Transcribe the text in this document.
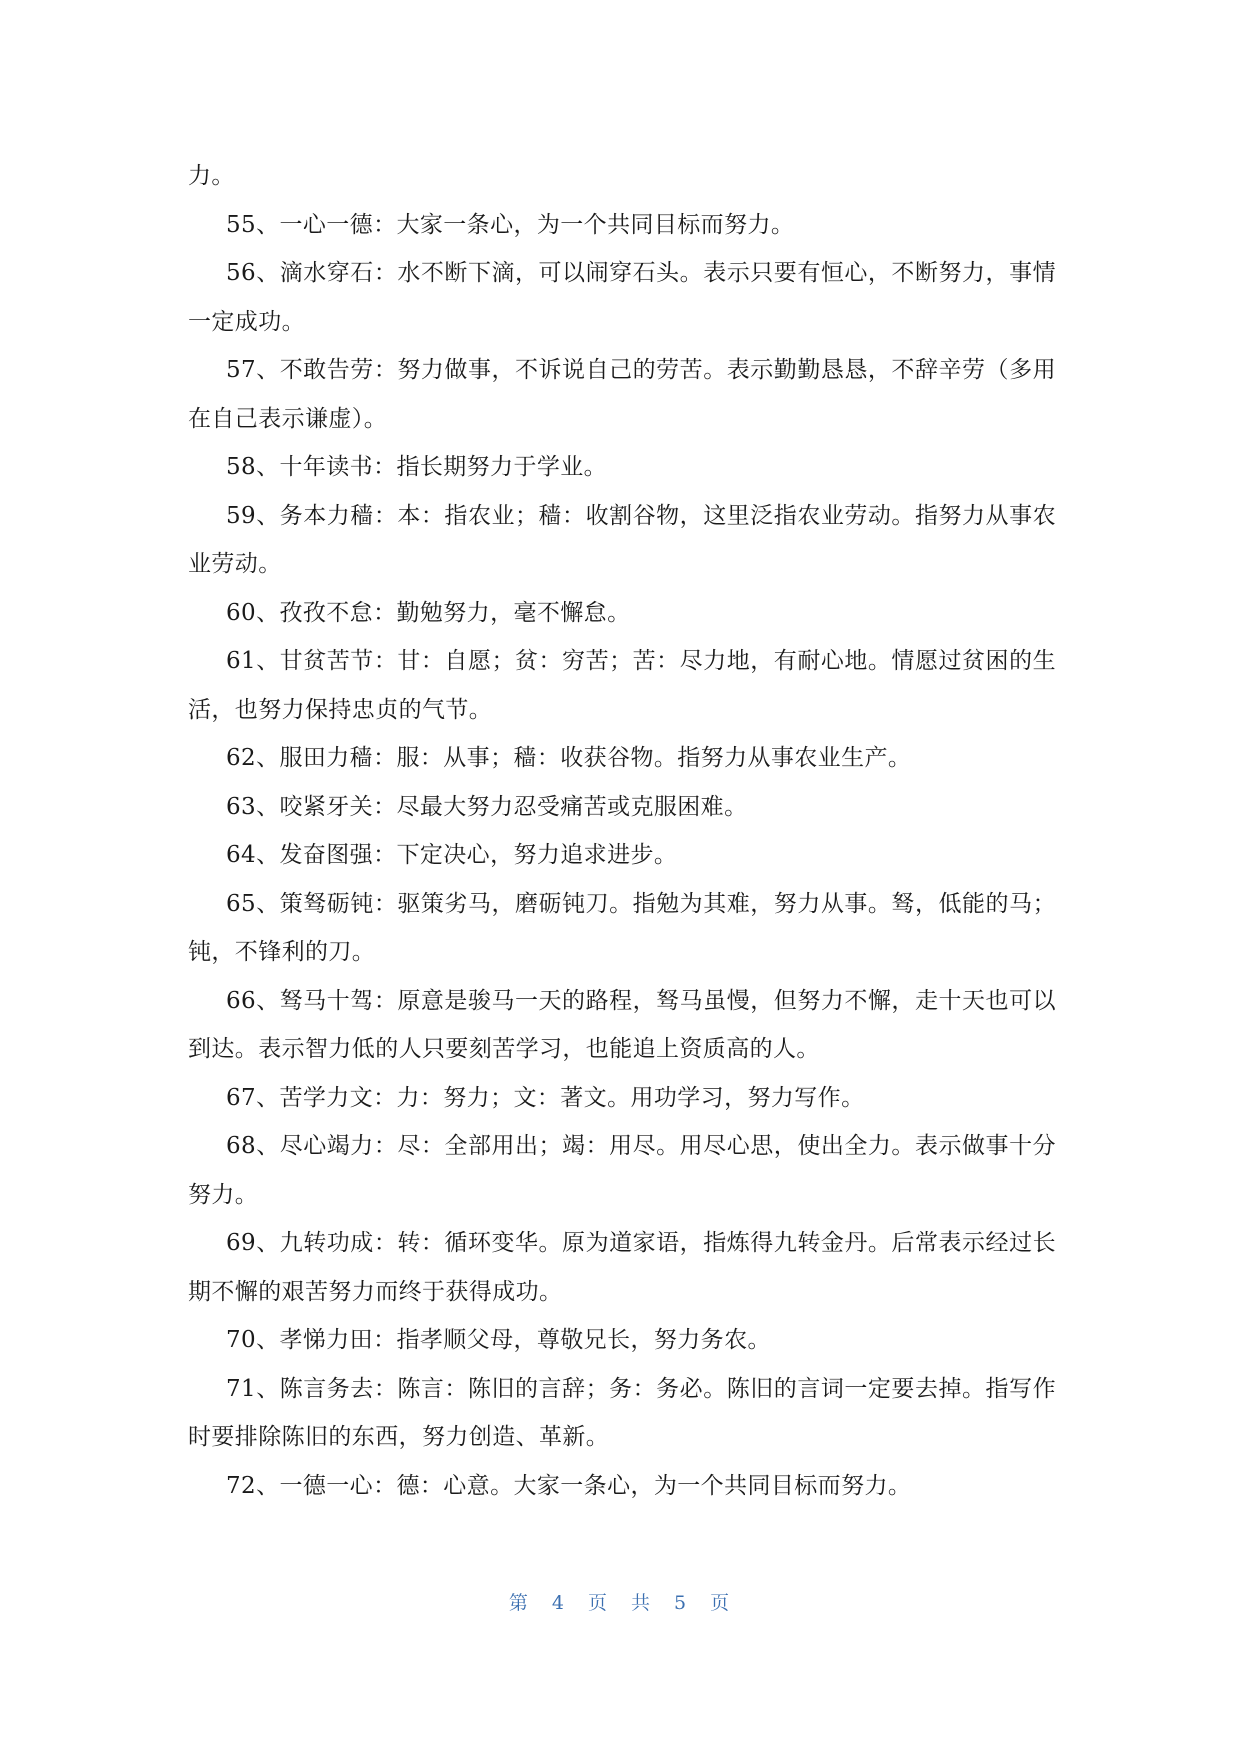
力。

55、一心一德：大家一条心，为一个共同目标而努力。

56、滴水穿石：水不断下滴，可以闹穿石头。表示只要有恒心，不断努力，事情一定成功。

57、不敢告劳：努力做事，不诉说自己的劳苦。表示勤勤恳恳，不辞辛劳（多用在自己表示谦虚）。

58、十年读书：指长期努力于学业。

59、务本力穑：本：指农业；穑：收割谷物，这里泛指农业劳动。指努力从事农业劳动。

60、孜孜不怠：勤勉努力，毫不懈怠。

61、甘贫苦节：甘：自愿；贫：穷苦；苦：尽力地，有耐心地。情愿过贫困的生活，也努力保持忠贞的气节。

62、服田力穑：服：从事；穑：收获谷物。指努力从事农业生产。

63、咬紧牙关：尽最大努力忍受痛苦或克服困难。

64、发奋图强：下定决心，努力追求进步。

65、策驽砺钝：驱策劣马，磨砺钝刀。指勉为其难，努力从事。驽，低能的马；钝，不锋利的刀。

66、驽马十驾：原意是骏马一天的路程，驽马虽慢，但努力不懈，走十天也可以到达。表示智力低的人只要刻苦学习，也能追上资质高的人。

67、苦学力文：力：努力；文：著文。用功学习，努力写作。

68、尽心竭力：尽：全部用出；竭：用尽。用尽心思，使出全力。表示做事十分努力。

69、九转功成：转：循环变华。原为道家语，指炼得九转金丹。后常表示经过长期不懈的艰苦努力而终于获得成功。

70、孝悌力田：指孝顺父母，尊敬兄长，努力务农。

71、陈言务去：陈言：陈旧的言辞；务：务必。陈旧的言词一定要去掉。指写作时要排除陈旧的东西，努力创造、革新。

72、一德一心：德：心意。大家一条心，为一个共同目标而努力。

第 4 页 共 5 页
